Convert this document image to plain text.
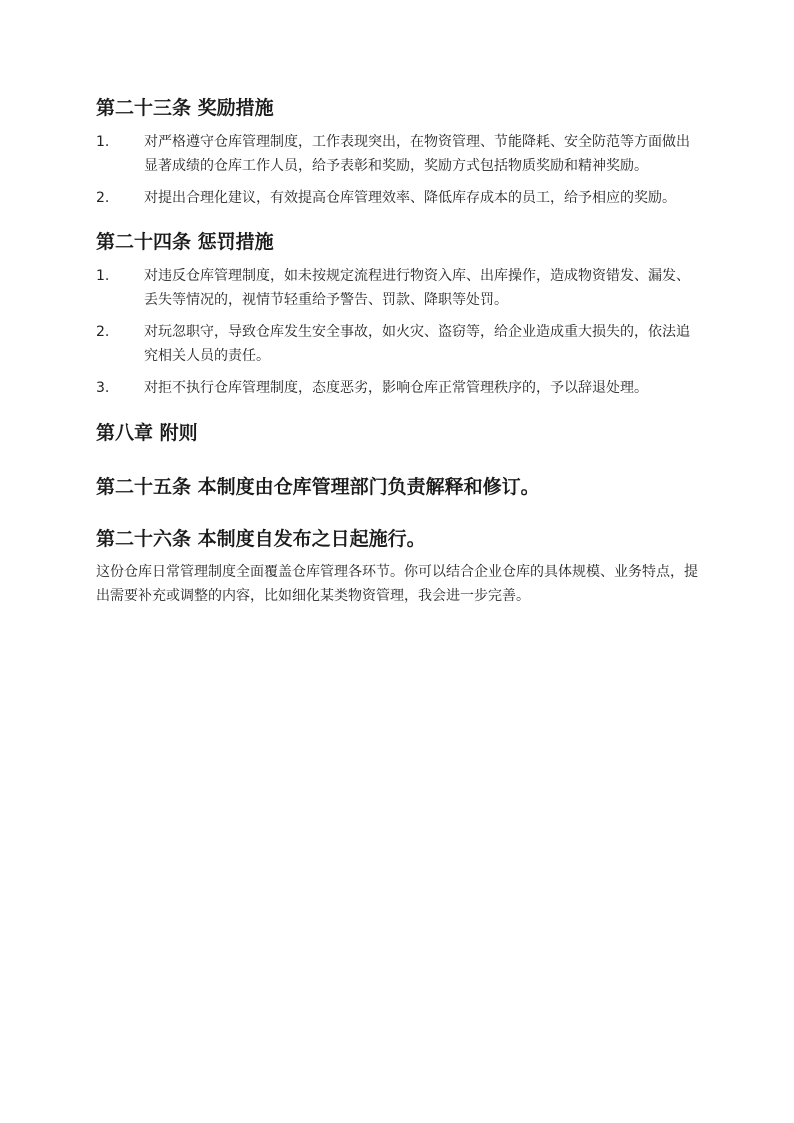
第二十三条 奖励措施
1. 对严格遵守仓库管理制度，工作表现突出，在物资管理、节能降耗、安全防范等方面做出显著成绩的仓库工作人员，给予表彰和奖励，奖励方式包括物质奖励和精神奖励。
2. 对提出合理化建议，有效提高仓库管理效率、降低库存成本的员工，给予相应的奖励。
第二十四条 惩罚措施
1. 对违反仓库管理制度，如未按规定流程进行物资入库、出库操作，造成物资错发、漏发、丢失等情况的，视情节轻重给予警告、罚款、降职等处罚。
2. 对玩忽职守，导致仓库发生安全事故，如火灾、盗窃等，给企业造成重大损失的，依法追究相关人员的责任。
3. 对拒不执行仓库管理制度，态度恶劣，影响仓库正常管理秩序的，予以辞退处理。
第八章 附则
第二十五条 本制度由仓库管理部门负责解释和修订。
第二十六条 本制度自发布之日起施行。

这份仓库日常管理制度全面覆盖仓库管理各环节。你可以结合企业仓库的具体规模、业务特点，提出需要补充或调整的内容，比如细化某类物资管理，我会进一步完善。
